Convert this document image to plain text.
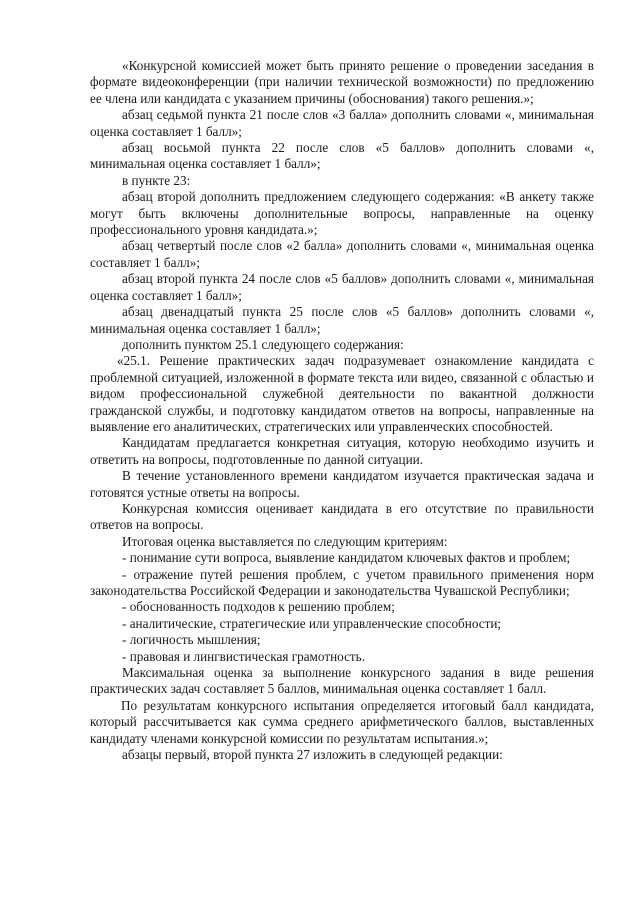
«Конкурсной комиссией может быть принято решение о проведении заседания в формате видеоконференции (при наличии технической возможности) по предложению ее члена или кандидата с указанием причины (обоснования) такого решения.»;

абзац седьмой пункта 21 после слов «3 балла» дополнить словами «, минимальная оценка составляет 1 балл»;

абзац восьмой пункта 22 после слов «5 баллов» дополнить словами «, минимальная оценка составляет 1 балл»;

в пункте 23:

абзац второй дополнить предложением следующего содержания: «В анкету также могут быть включены дополнительные вопросы, направленные на оценку профессионального уровня кандидата.»;

абзац четвертый после слов «2 балла» дополнить словами «, минимальная оценка составляет 1 балл»;

абзац второй пункта 24 после слов «5 баллов» дополнить словами «, минимальная оценка составляет 1 балл»;

абзац двенадцатый пункта 25 после слов «5 баллов» дополнить словами «, минимальная оценка составляет 1 балл»;

дополнить пунктом 25.1 следующего содержания:

«25.1. Решение практических задач подразумевает ознакомление кандидата с проблемной ситуацией, изложенной в формате текста или видео, связанной с областью и видом профессиональной служебной деятельности по вакантной должности гражданской службы, и подготовку кандидатом ответов на вопросы, направленные на выявление его аналитических, стратегических или управленческих способностей.

Кандидатам предлагается конкретная ситуация, которую необходимо изучить и ответить на вопросы, подготовленные по данной ситуации.

В течение установленного времени кандидатом изучается практическая задача и готовятся устные ответы на вопросы.

Конкурсная комиссия оценивает кандидата в его отсутствие по правильности ответов на вопросы.

Итоговая оценка выставляется по следующим критериям:

- понимание сути вопроса, выявление кандидатом ключевых фактов и проблем;

- отражение путей решения проблем, с учетом правильного применения норм законодательства Российской Федерации и законодательства Чувашской Республики;

- обоснованность подходов к решению проблем;

- аналитические, стратегические или управленческие способности;

- логичность мышления;

- правовая и лингвистическая грамотность.

Максимальная оценка за выполнение конкурсного задания в виде решения практических задач составляет 5 баллов, минимальная оценка составляет 1 балл.

По результатам конкурсного испытания определяется итоговый балл кандидата, который рассчитывается как сумма среднего арифметического баллов, выставленных кандидату членами конкурсной комиссии по результатам испытания.»;

абзацы первый, второй пункта 27 изложить в следующей редакции:
